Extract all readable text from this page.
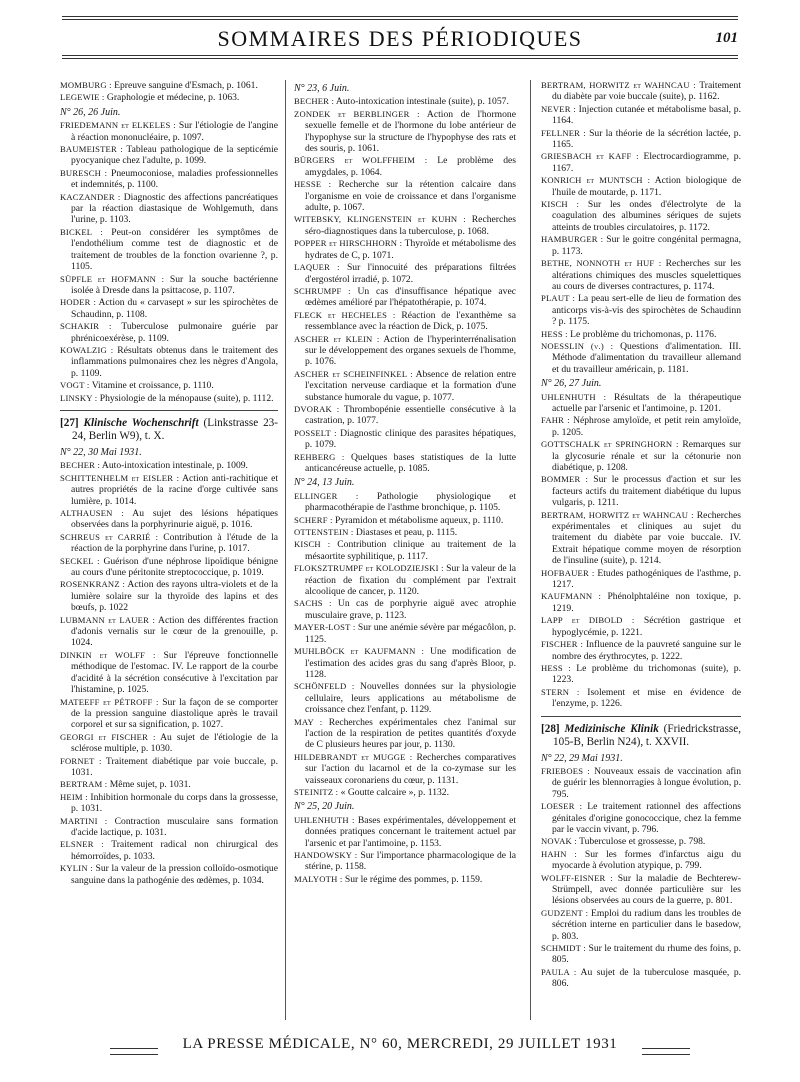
SOMMAIRES DES PÉRIODIQUES	101
MOMBURG : Epreuve sanguine d'Esmach, p. 1061.
LEGEWIE : Graphologie et médecine, p. 1063.
N° 26, 26 Juin.
FRIEDEMANN et ELKELES : Sur l'étiologie de l'angine à réaction mononucléaire, p. 1097.
BAUMEISTER : Tableau pathologique de la septicémie pyocyanique chez l'adulte, p. 1099.
BURESCH : Pneumoconiose, maladies professionnelles et indemnités, p. 1100.
KACZANDER : Diagnostic des affections pancréatiques par la réaction diastasique de Wohlgemuth, dans l'urine, p. 1103.
BICKEL : Peut-on considérer les symptômes de l'endothélium comme test de diagnostic et de traitement de troubles de la fonction ovarienne ?, p. 1105.
SÜPFLE et HOFMANN : Sur la souche bactérienne isolée à Dresde dans la psittacose, p. 1107.
HODER : Action du « carvasept » sur les spirochètes de Schaudinn, p. 1108.
SCHAKIR : Tuberculose pulmonaire guérie par phrénicoexérèse, p. 1109.
KOWALZIG : Résultats obtenus dans le traitement des inflammations pulmonaires chez les nègres d'Angola, p. 1109.
VOGT : Vitamine et croissance, p. 1110.
LINSKY : Physiologie de la ménopause (suite), p. 1112.
[27] Klinische Wochenschrift (Linkstrasse 23-24, Berlin W9), t. X.
N° 22, 30 Mai 1931.
BECHER : Auto-intoxication intestinale, p. 1009.
SCHITTENHELM et EISLER : Action anti-rachitique et autres propriétés de la racine d'orge cultivée sans lumière, p. 1014.
ALTHAUSEN : Au sujet des lésions hépatiques observées dans la porphyrinurie aiguë, p. 1016.
SCHREUS et CARRIÉ : Contribution à l'étude de la réaction de la porphyrine dans l'urine, p. 1017.
SECKEL : Guérison d'une néphrose lipoïdique bénigne au cours d'une péritonite streptococcique, p. 1019.
ROSENKRANZ : Action des rayons ultra-violets et de la lumière solaire sur la thyroïde des lapins et des bœufs, p. 1022
LUBMANN et LAUER : Action des différentes fraction d'adonis vernalis sur le cœur de la grenouille, p. 1024.
DINKIN et WOLFF : Sur l'épreuve fonctionnelle méthodique de l'estomac. IV. Le rapport de la courbe d'acidité à la sécrétion consécutive à l'excitation par l'histamine, p. 1025.
MATEEFF et PÉTROFF : Sur la façon de se comporter de la pression sanguine diastolique après le travail corporel et sur sa signification, p. 1027.
GEORGI et FISCHER : Au sujet de l'étiologie de la sclérose multiple, p. 1030.
FORNET : Traitement diabétique par voie buccale, p. 1031.
BERTRAM : Même sujet, p. 1031.
HEIM : Inhibition hormonale du corps dans la grossesse, p. 1031.
MARTINI : Contraction musculaire sans formation d'acide lactique, p. 1031.
ELSNER : Traitement radical non chirurgical des hémorroïdes, p. 1033.
KYLIN : Sur la valeur de la pression colloïdo-osmotique sanguine dans la pathogénie des œdèmes, p. 1034.
N° 23, 6 Juin.
BECHER : Auto-intoxication intestinale (suite), p. 1057.
ZONDEK et BERBLINGER : Action de l'hormone sexuelle femelle et de l'hormone du lobe antérieur de l'hypophyse sur la structure de l'hypophyse des rats et des souris, p. 1061.
BÜRGERS et WOLFFHEIM : Le problème des amygdales, p. 1064.
HESSE : Recherche sur la rétention calcaire dans l'organisme en voie de croissance et dans l'organisme adulte, p. 1067.
WITEBSKY, KLINGENSTEIN et KUHN : Recherches séro-diagnostiques dans la tuberculose, p. 1068.
POPPER et HIRSCHHORN : Thyroïde et métabolisme des hydrates de C, p. 1071.
LAQUER : Sur l'innocuité des préparations filtrées d'ergostérol irradié, p. 1072.
SCHRUMPF : Un cas d'insuffisance hépatique avec œdèmes amélioré par l'hépatothérapie, p. 1074.
FLECK et HECHELES : Réaction de l'exanthème sa ressemblance avec la réaction de Dick, p. 1075.
ASCHER et KLEIN : Action de l'hyperinterrénalisation sur le développement des organes sexuels de l'homme, p. 1076.
ASCHER et SCHEINFINKEL : Absence de relation entre l'excitation nerveuse cardiaque et la formation d'une substance humorale du vague, p. 1077.
DVORAK : Thrombopénie essentielle consécutive à la castration, p. 1077.
POSSELT : Diagnostic clinique des parasites hépatiques, p. 1079.
REHBERG : Quelques bases statistiques de la lutte anticancéreuse actuelle, p. 1085.
N° 24, 13 Juin.
ELLINGER : Pathologie physiologique et pharmacothérapie de l'asthme bronchique, p. 1105.
SCHERF : Pyramidon et métabolisme aqueux, p. 1110.
OTTENSTEIN : Diastases et peau, p. 1115.
KISCH : Contribution clinique au traitement de la mésaortite syphilitique, p. 1117.
FLOKSZTRUMPF et KOLODZIEJSKI : Sur la valeur de la réaction de fixation du complément par l'extrait alcoolique de cancer, p. 1120.
SACHS : Un cas de porphyrie aiguë avec atrophie musculaire grave, p. 1123.
MAYER-LOST : Sur une anémie sévère par mégacôlon, p. 1125.
MUHLBÖCK et KAUFMANN : Une modification de l'estimation des acides gras du sang d'après Bloor, p. 1128.
SCHÖNFELD : Nouvelles données sur la physiologie cellulaire, leurs applications au métabolisme de croissance chez l'enfant, p. 1129.
MAY : Recherches expérimentales chez l'animal sur l'action de la respiration de petites quantités d'oxyde de C plusieurs heures par jour, p. 1130.
HILDEBRANDT et MUGGE : Recherches comparatives sur l'action du lacarnol et de la co-zymase sur les vaisseaux coronariens du cœur, p. 1131.
STEINITZ : « Goutte calcaire », p. 1132.
N° 25, 20 Juin.
UHLENHUTH : Bases expérimentales, développement et données pratiques concernant le traitement actuel par l'arsenic et par l'antimoine, p. 1153.
HANDOWSKY : Sur l'importance pharmacologique de la stérine, p. 1158.
MALYOTH : Sur le régime des pommes, p. 1159.
BERTRAM, HORWITZ et WAHNCAU : Traitement du diabète par voie buccale (suite), p. 1162.
NEVER : Injection cutanée et métabolisme basal, p. 1164.
FELLNER : Sur la théorie de la sécrétion lactée, p. 1165.
GRIESBACH et KAFF : Electrocardiogramme, p. 1167.
KONRICH et MUNTSCH : Action biologique de l'huile de moutarde, p. 1171.
KISCH : Sur les ondes d'électrolyte de la coagulation des albumines sériques de sujets atteints de troubles circulatoires, p. 1172.
HAMBURGER : Sur le goitre congénital permagna, p. 1173.
BETHE, NONNOTH et HUF : Recherches sur les altérations chimiques des muscles squelettiques au cours de diverses contractures, p. 1174.
PLAUT : La peau sert-elle de lieu de formation des anticorps vis-à-vis des spirochètes de Schaudinn ? p. 1175.
HESS : Le problème du trichomonas, p. 1176.
NOESSLIN (v.) : Questions d'alimentation. III. Méthode d'alimentation du travailleur allemand et du travailleur américain, p. 1181.
N° 26, 27 Juin.
UHLENHUTH : Résultats de la thérapeutique actuelle par l'arsenic et l'antimoine, p. 1201.
FAHR : Néphrose amyloïde, et petit rein amyloïde, p. 1205.
GOTTSCHALK et SPRINGHORN : Remarques sur la glycosurie rénale et sur la cétonurie non diabétique, p. 1208.
BOMMER : Sur le processus d'action et sur les facteurs actifs du traitement diabétique du lupus vulgaris, p. 1211.
BERTRAM, HORWITZ et WAHNCAU : Recherches expérimentales et cliniques au sujet du traitement du diabète par voie buccale. IV. Extrait hépatique comme moyen de résorption de l'insuline (suite), p. 1214.
HOFBAUER : Etudes pathogéniques de l'asthme, p. 1217.
KAUFMANN : Phénolphtaléine non toxique, p. 1219.
LAPP et DIBOLD : Sécrétion gastrique et hypoglycémie, p. 1221.
FISCHER : Influence de la pauvreté sanguine sur le nombre des érythrocytes, p. 1222.
HESS : Le problème du trichomonas (suite), p. 1223.
STERN : Isolement et mise en évidence de l'enzyme, p. 1226.
[28] Medizinische Klinik (Friedrickstrasse, 105-B, Berlin N24), t. XXVII.
N° 22, 29 Mai 1931.
FRIEBOES : Nouveaux essais de vaccination afin de guérir les blennorragies à longue évolution, p. 795.
LOESER : Le traitement rationnel des affections génitales d'origine gonococcique, chez la femme par le vaccin vivant, p. 796.
NOVAK : Tuberculose et grossesse, p. 798.
HAHN : Sur les formes d'infarctus aigu du myocarde à évolution atypique, p. 799.
WOLFF-EISNER : Sur la maladie de Bechterew-Strümpell, avec donnée particulière sur les lésions observées au cours de la guerre, p. 801.
GUDZENT : Emploi du radium dans les troubles de sécrétion interne en particulier dans le basedow, p. 803.
SCHMIDT : Sur le traitement du rhume des foins, p. 805.
PAULA : Au sujet de la tuberculose masquée, p. 806.
LA PRESSE MÉDICALE, N° 60, MERCREDI, 29 JUILLET 1931
